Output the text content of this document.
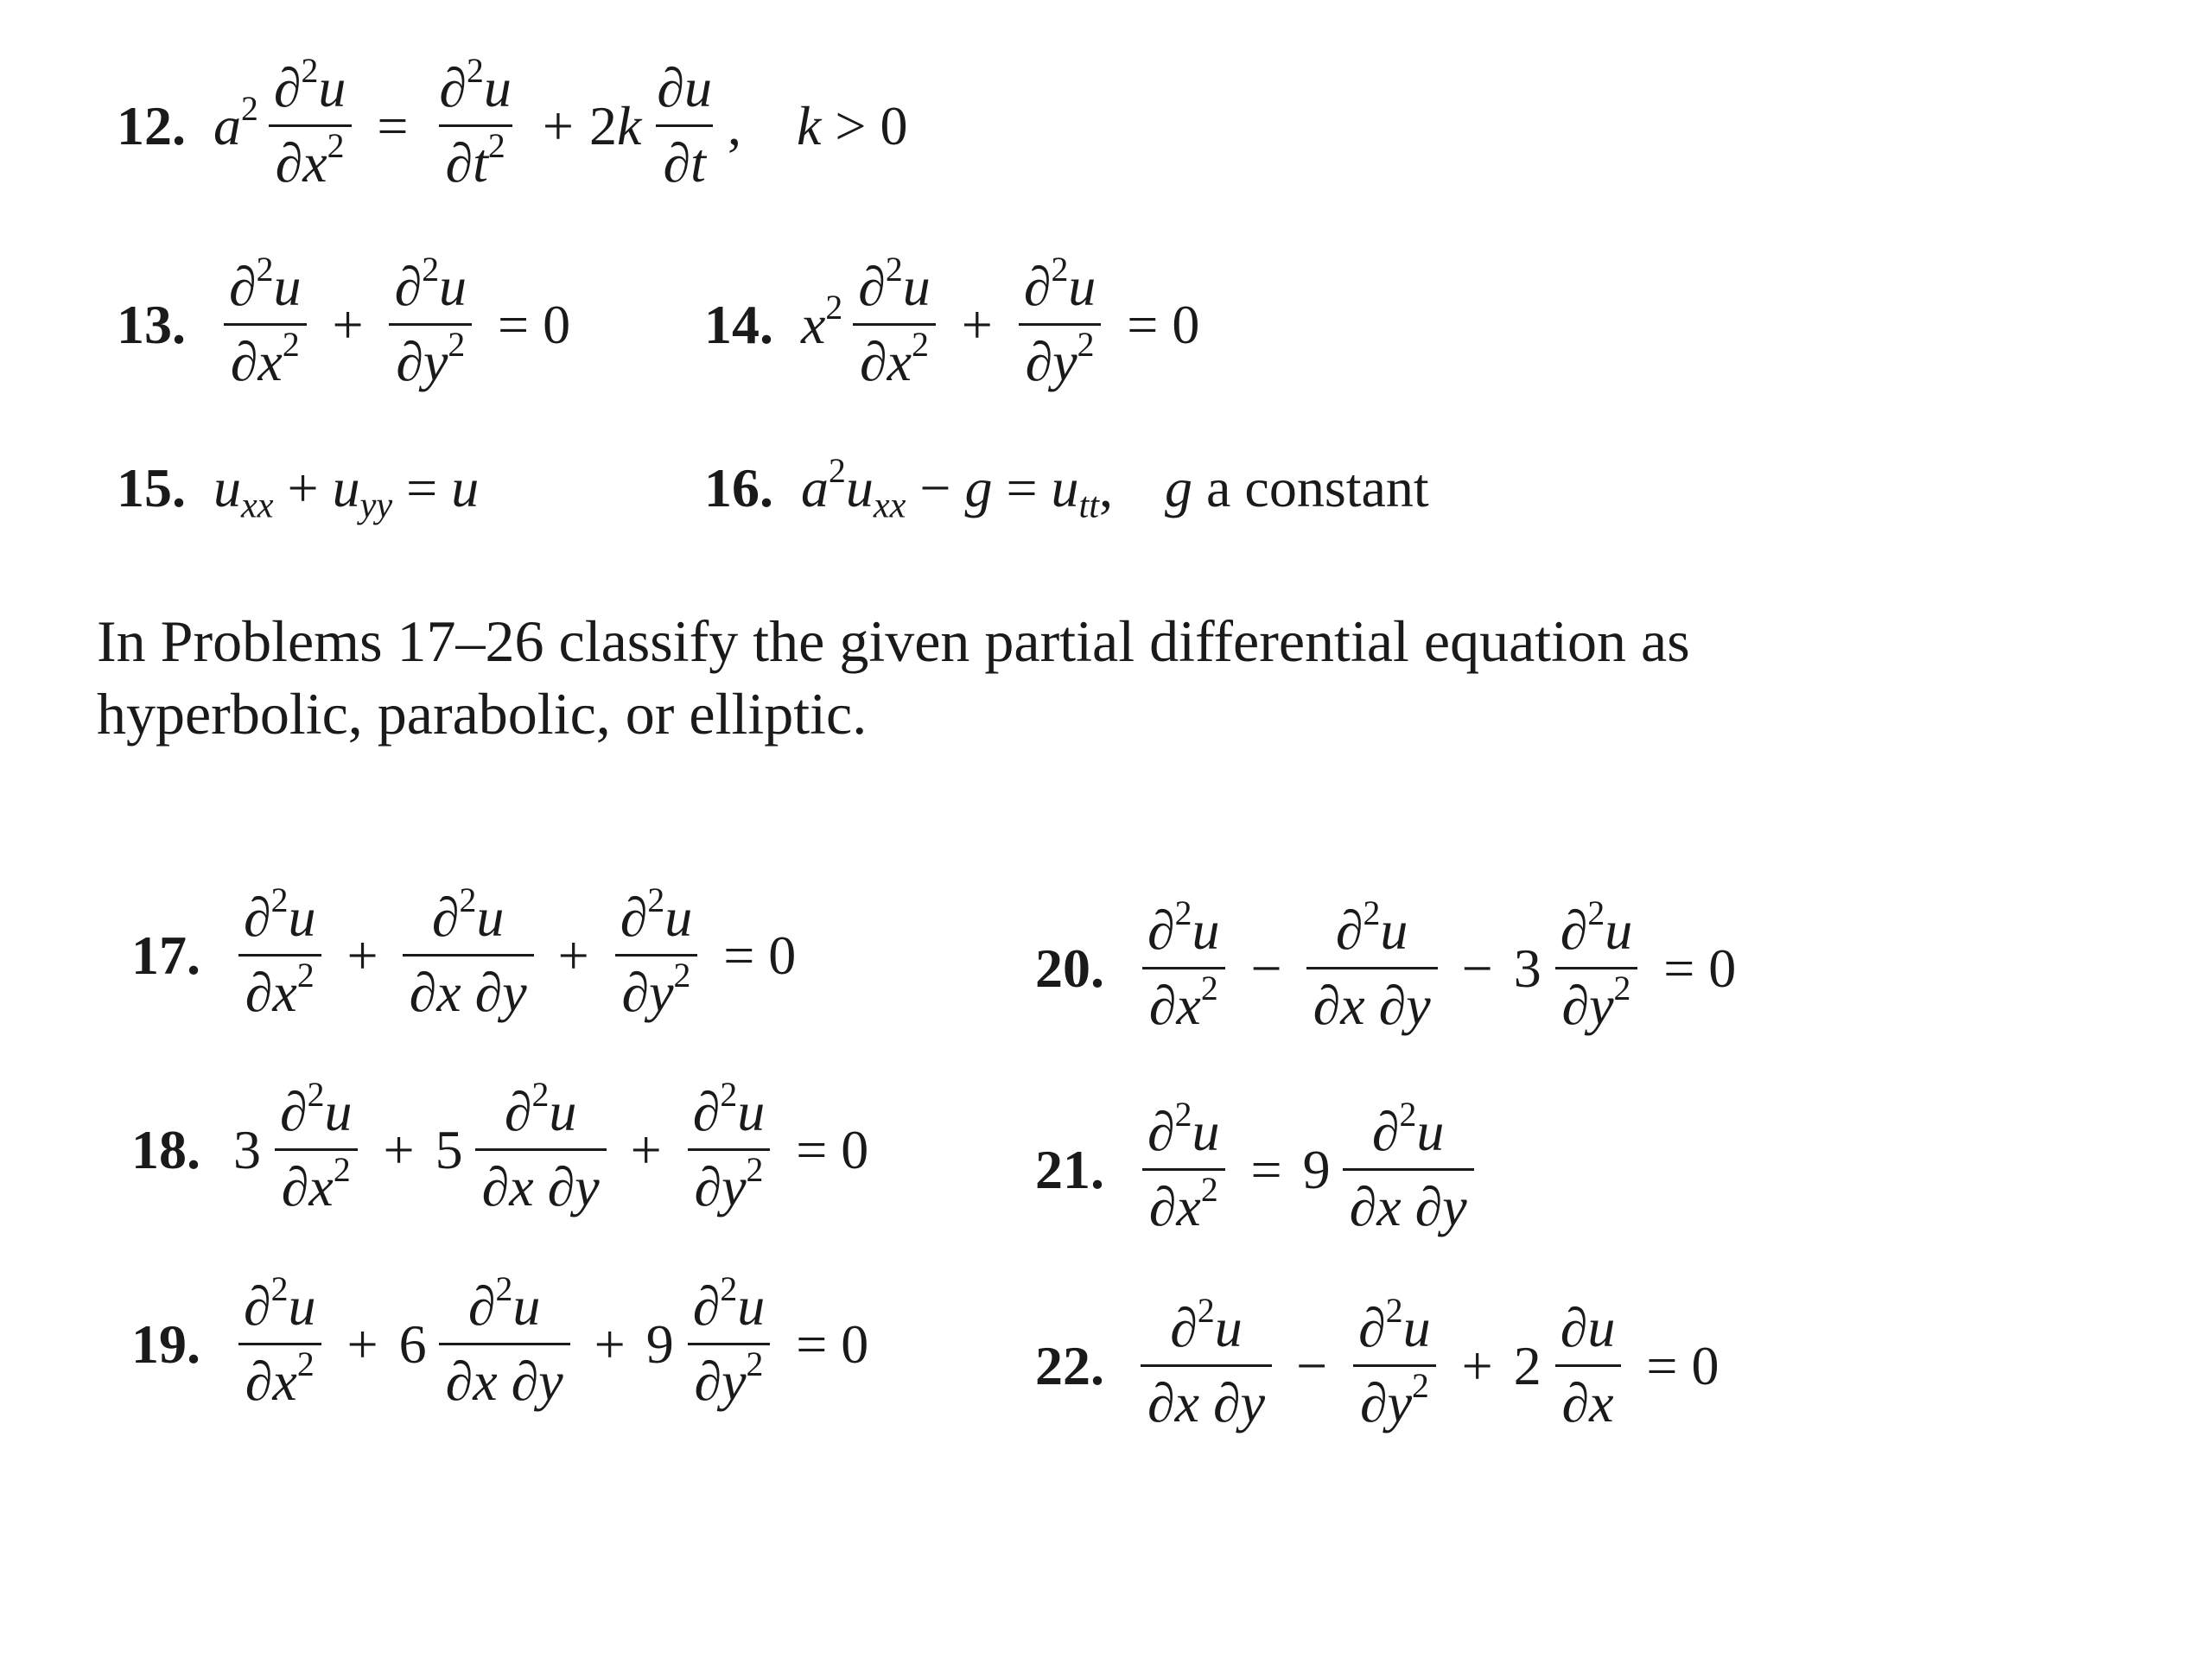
12. $a^2 \frac{\partial^2u}{\partial x^2} = \frac{\partial^2u}{\partial t^2} + 2k \frac{\partial u}{\partial t}$ ,    k > 0
13. $\frac{\partial^2u}{\partial x^2} + \frac{\partial^2u}{\partial y^2} = 0$ 14. $x^2 \frac{\partial^2u}{\partial x^2} + \frac{\partial^2u}{\partial y^2} = 0$
15. $u_{xx} + u_{yy} = u$	16. $a^2u_{xx} - g = u_{tt}$, g a constant
In Problems 17–26 classify the given partial differential equation as
hyperbolic, parabolic, or elliptic.
17. $\frac{\partial^2u}{\partial x^2} + \frac{\partial^2u}{\partial x \partial y} + \frac{\partial^2u}{\partial y^2} = 0$
18. $3 \frac{\partial^2u}{\partial x^2} + 5 \frac{\partial^2u}{\partial x \partial y} + \frac{\partial^2u}{\partial y^2} = 0$
19. $\frac{\partial^2u}{\partial x^2} + 6 \frac{\partial^2u}{\partial x \partial y} + 9 \frac{\partial^2u}{\partial y^2} = 0$
20. $\frac{\partial^2u}{\partial x^2} - \frac{\partial^2u}{\partial x \partial y} - 3 \frac{\partial^2u}{\partial y^2} = 0$
21. $\frac{\partial^2u}{\partial x^2} = 9 \frac{\partial^2u}{\partial x \partial y}$
22. $\frac{\partial^2u}{\partial x \partial y} - \frac{\partial^2u}{\partial y^2} + 2 \frac{\partial u}{\partial x} = 0$
